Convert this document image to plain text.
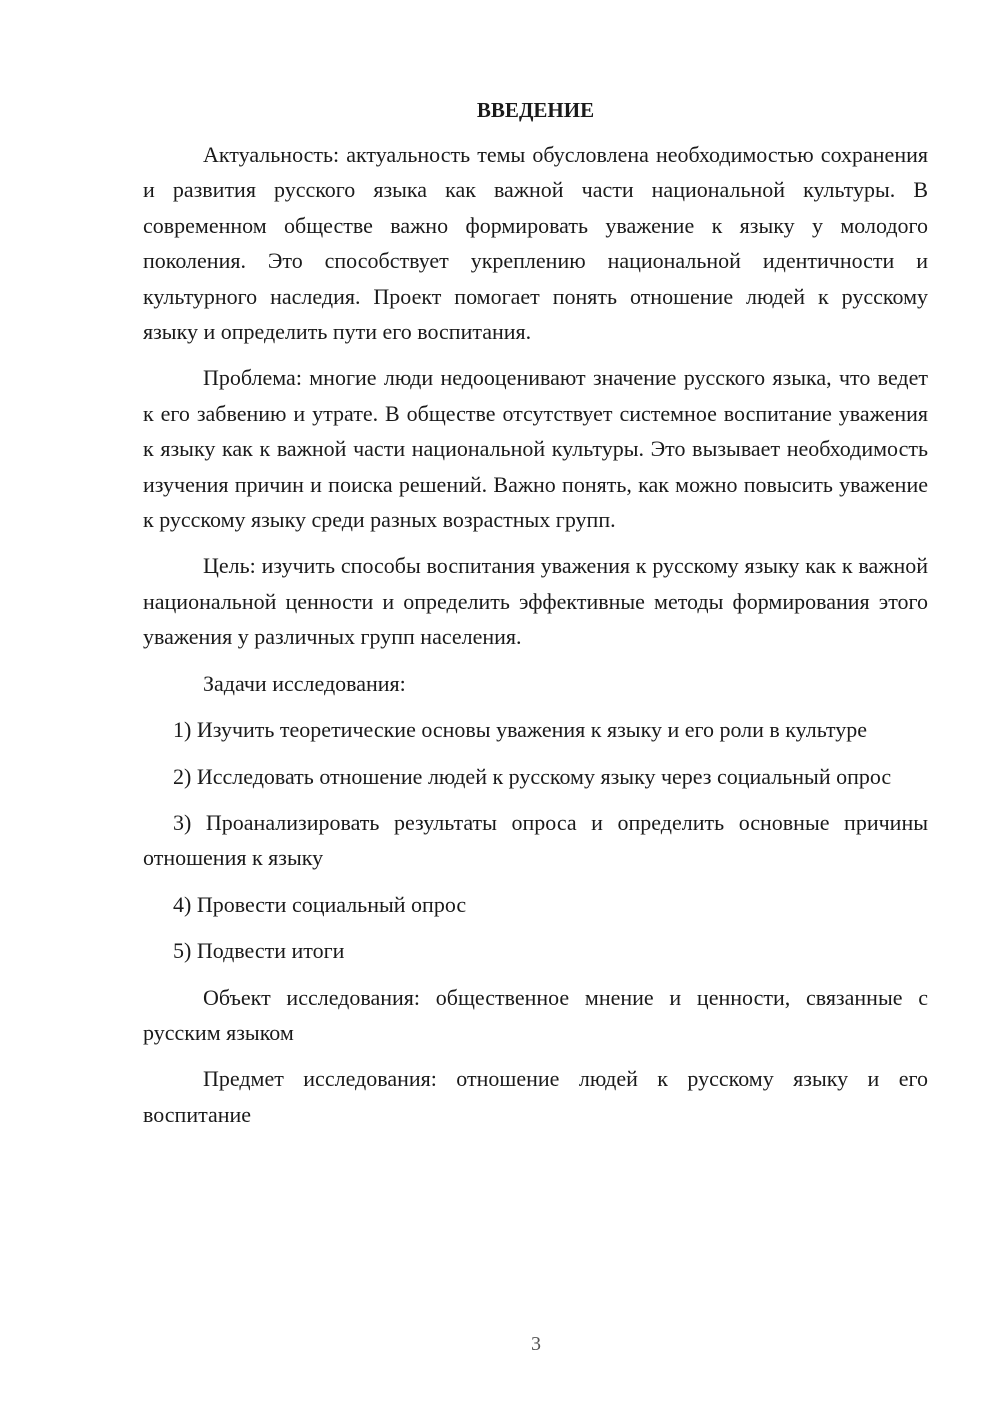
ВВЕДЕНИЕ

Актуальность: актуальность темы обусловлена необходимостью сохранения и развития русского языка как важной части национальной культуры. В современном обществе важно формировать уважение к языку у молодого поколения. Это способствует укреплению национальной идентичности и культурного наследия. Проект помогает понять отношение людей к русскому языку и определить пути его воспитания.

Проблема: многие люди недооценивают значение русского языка, что ведет к его забвению и утрате. В обществе отсутствует системное воспитание уважения к языку как к важной части национальной культуры. Это вызывает необходимость изучения причин и поиска решений. Важно понять, как можно повысить уважение к русскому языку среди разных возрастных групп.

Цель: изучить способы воспитания уважения к русскому языку как к важной национальной ценности и определить эффективные методы формирования этого уважения у различных групп населения.

Задачи исследования:

1) Изучить теоретические основы уважения к языку и его роли в культуре

2) Исследовать отношение людей к русскому языку через социальный опрос

3) Проанализировать результаты опроса и определить основные причины отношения к языку

4) Провести социальный опрос

5) Подвести итоги

Объект исследования: общественное мнение и ценности, связанные с русским языком

Предмет исследования: отношение людей к русскому языку и его воспитание

3
